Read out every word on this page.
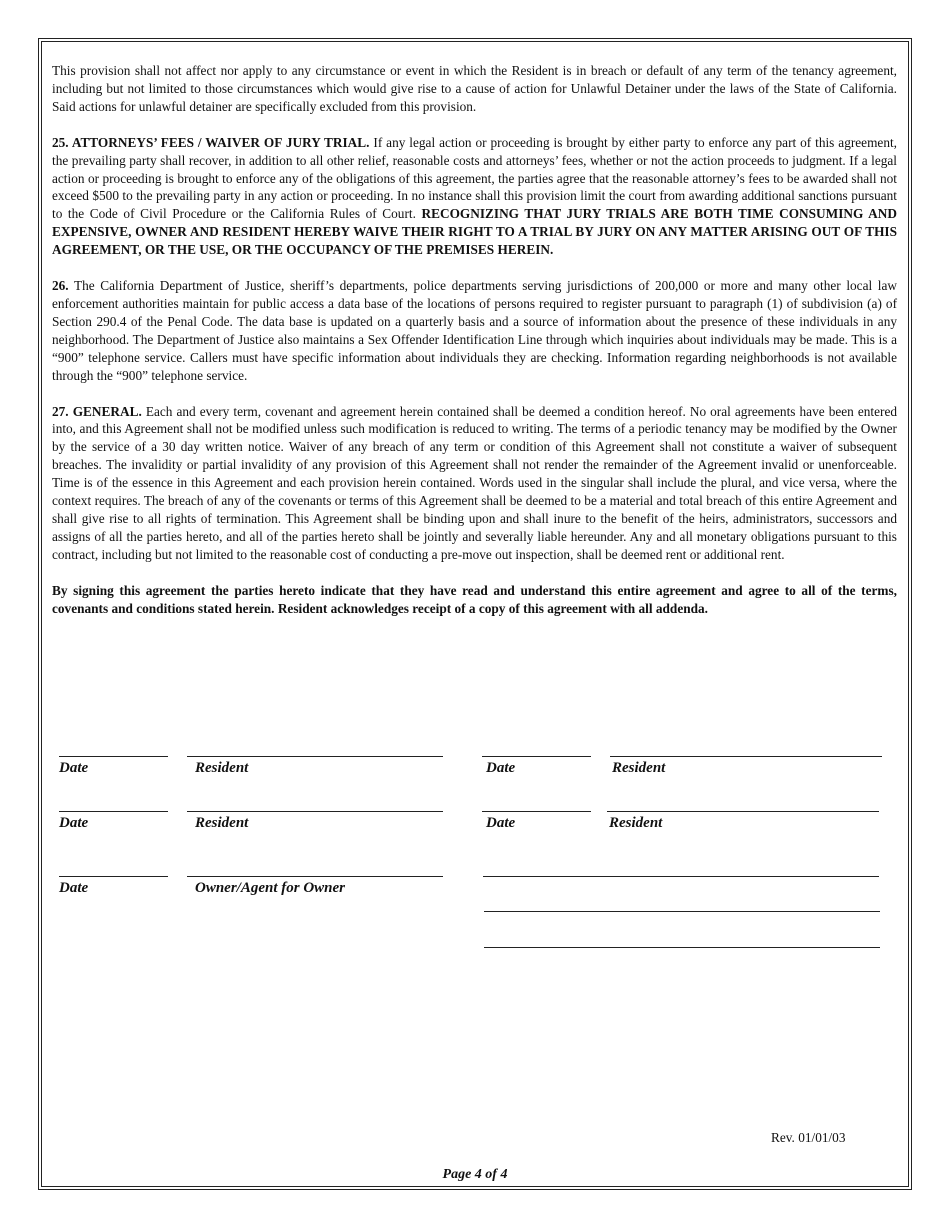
This provision shall not affect nor apply to any circumstance or event in which the Resident is in breach or default of any term of the tenancy agreement, including but not limited to those circumstances which would give rise to a cause of action for Unlawful Detainer under the laws of the State of California. Said actions for unlawful detainer are specifically excluded from this provision.

25. ATTORNEYS’ FEES / WAIVER OF JURY TRIAL. If any legal action or proceeding is brought by either party to enforce any part of this agreement, the prevailing party shall recover, in addition to all other relief, reasonable costs and attorneys’ fees, whether or not the action proceeds to judgment. If a legal action or proceeding is brought to enforce any of the obligations of this agreement, the parties agree that the reasonable attorney’s fees to be awarded shall not exceed $500 to the prevailing party in any action or proceeding. In no instance shall this provision limit the court from awarding additional sanctions pursuant to the Code of Civil Procedure or the California Rules of Court. RECOGNIZING THAT JURY TRIALS ARE BOTH TIME CONSUMING AND EXPENSIVE, OWNER AND RESIDENT HEREBY WAIVE THEIR RIGHT TO A TRIAL BY JURY ON ANY MATTER ARISING OUT OF THIS AGREEMENT, OR THE USE, OR THE OCCUPANCY OF THE PREMISES HEREIN.

26. The California Department of Justice, sheriff’s departments, police departments serving jurisdictions of 200,000 or more and many other local law enforcement authorities maintain for public access a data base of the locations of persons required to register pursuant to paragraph (1) of subdivision (a) of Section 290.4 of the Penal Code. The data base is updated on a quarterly basis and a source of information about the presence of these individuals in any neighborhood. The Department of Justice also maintains a Sex Offender Identification Line through which inquiries about individuals may be made. This is a “900” telephone service. Callers must have specific information about individuals they are checking. Information regarding neighborhoods is not available through the “900” telephone service.

27. GENERAL. Each and every term, covenant and agreement herein contained shall be deemed a condition hereof. No oral agreements have been entered into, and this Agreement shall not be modified unless such modification is reduced to writing. The terms of a periodic tenancy may be modified by the Owner by the service of a 30 day written notice. Waiver of any breach of any term or condition of this Agreement shall not constitute a waiver of subsequent breaches. The invalidity or partial invalidity of any provision of this Agreement shall not render the remainder of the Agreement invalid or unenforceable. Time is of the essence in this Agreement and each provision herein contained. Words used in the singular shall include the plural, and vice versa, where the context requires. The breach of any of the covenants or terms of this Agreement shall be deemed to be a material and total breach of this entire Agreement and shall give rise to all rights of termination. This Agreement shall be binding upon and shall inure to the benefit of the heirs, administrators, successors and assigns of all the parties hereto, and all of the parties hereto shall be jointly and severally liable hereunder. Any and all monetary obligations pursuant to this contract, including but not limited to the reasonable cost of conducting a pre-move out inspection, shall be deemed rent or additional rent.

By signing this agreement the parties hereto indicate that they have read and understand this entire agreement and agree to all of the terms, covenants and conditions stated herein. Resident acknowledges receipt of a copy of this agreement with all addenda.

Date	Resident	Date	Resident
Date	Resident	Date	Resident
Date	Owner/Agent for Owner
Rev. 01/01/03
Page 4 of 4
